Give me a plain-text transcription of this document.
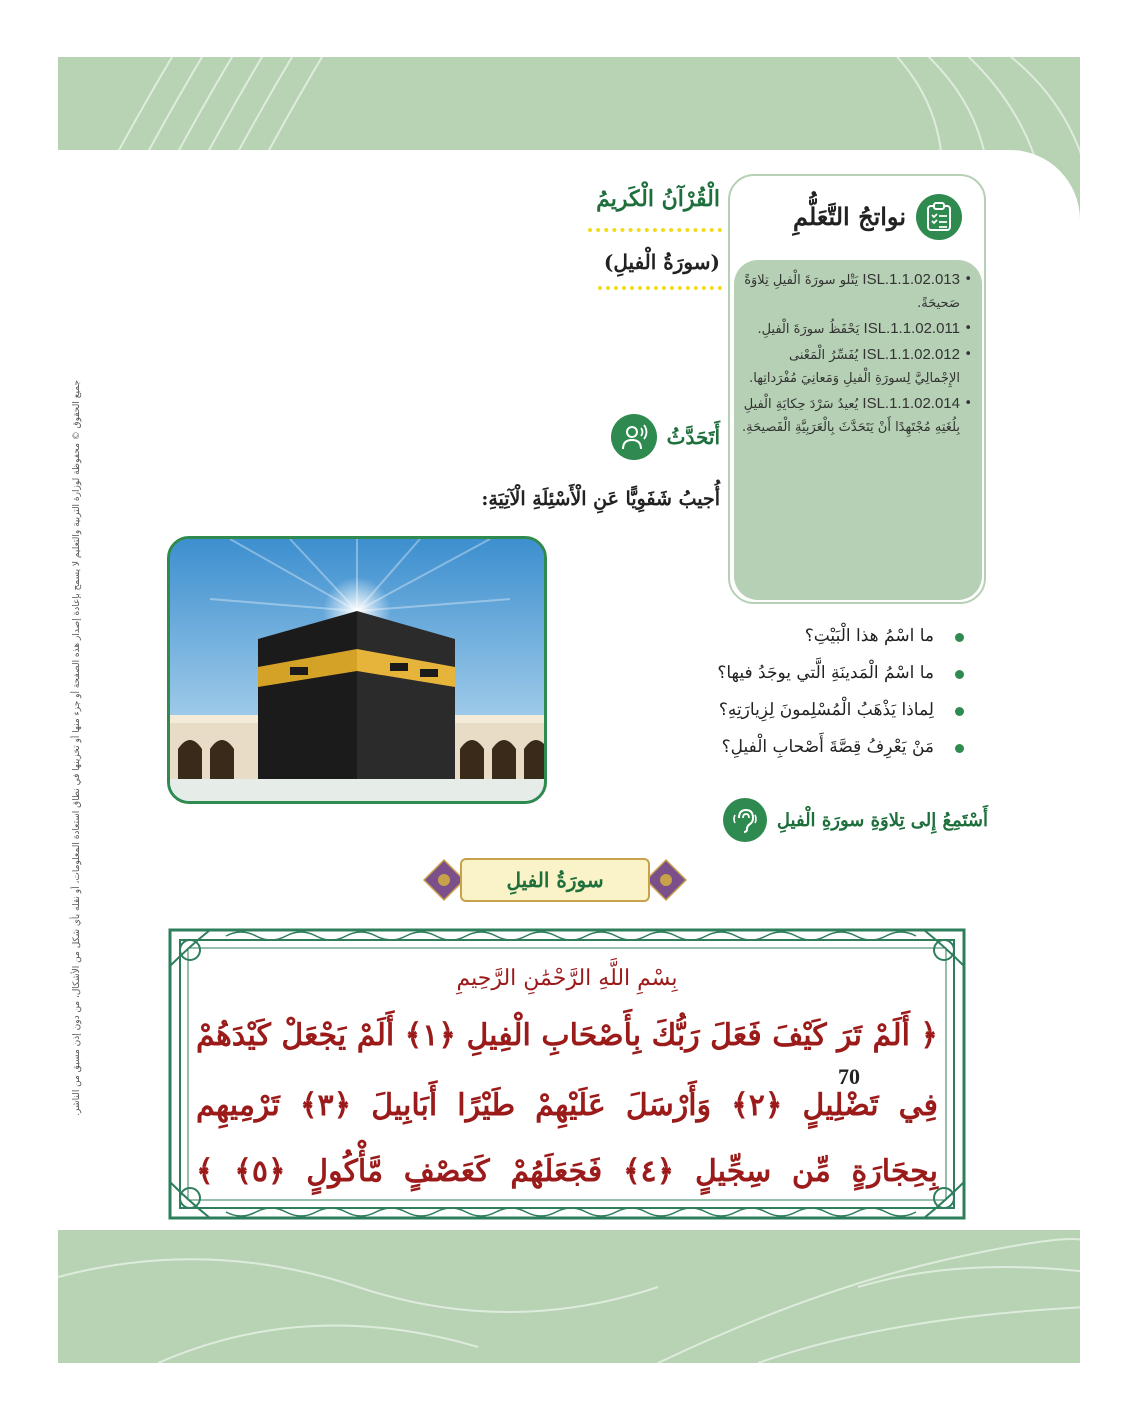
جميع الحقوق © محفوظة لوزارة التربية والتعليم لا يسمح بإعادة إصدار هذه الصفحة أو جزء منها أو تخزينها في نطاق استعادة المعلومات، أو نقله بأي شكل من الأشكال، من دون إذن مسبق من الناشر.
نواتجُ التَّعَلُّمِ
• ISL.1.1.02.013 يَتْلو سورَةَ الْفيلِ تِلاوَةً صَحيحَةً.
• ISL.1.1.02.011 يَحْفَظُ سورَةَ الْفيلِ.
• ISL.1.1.02.012 يُفَسِّرُ الْمَعْنى الإِجْمالِيَّ لِسورَةِ الْفيلِ وَمَعانِيَ مُفْرَداتِها.
• ISL.1.1.02.014 يُعيدُ سَرْدَ حِكايَةِ الْفيلِ بِلُغَتِهِ مُجْتَهِدًا أَنْ يَتَحَدَّثَ بِالْعَرَبِيَّةِ الْفَصيحَةِ.
الْقُرْآنُ الْكَريمُ
(سورَةُ الْفيلِ)
أَتَحَدَّثُ
أُجيبُ شَفَوِيًّا عَنِ الْأَسْئِلَةِ الْآتِيَةِ:
ما اسْمُ هذا الْبَيْتِ؟
ما اسْمُ الْمَدينَةِ الَّتي يوجَدُ فيها؟
لِماذا يَذْهَبُ الْمُسْلِمونَ لِزِيارَتِهِ؟
مَنْ يَعْرِفُ قِصَّةَ أَصْحابِ الْفيلِ؟
أَسْتَمِعُ إِلى تِلاوَةِ سورَةِ الْفيلِ
سورَةُ الفيلِ
بِسْمِ اللَّهِ الرَّحْمَٰنِ الرَّحِيمِ
﴿ أَلَمْ تَرَ كَيْفَ فَعَلَ رَبُّكَ بِأَصْحَابِ الْفِيلِ ﴿١﴾ أَلَمْ يَجْعَلْ كَيْدَهُمْ
فِي تَضْلِيلٍ ﴿٢﴾ وَأَرْسَلَ عَلَيْهِمْ طَيْرًا أَبَابِيلَ ﴿٣﴾ تَرْمِيهِم
بِحِجَارَةٍ مِّن سِجِّيلٍ ﴿٤﴾ فَجَعَلَهُمْ كَعَصْفٍ مَّأْكُولٍ ﴿٥﴾ ﴾
70
